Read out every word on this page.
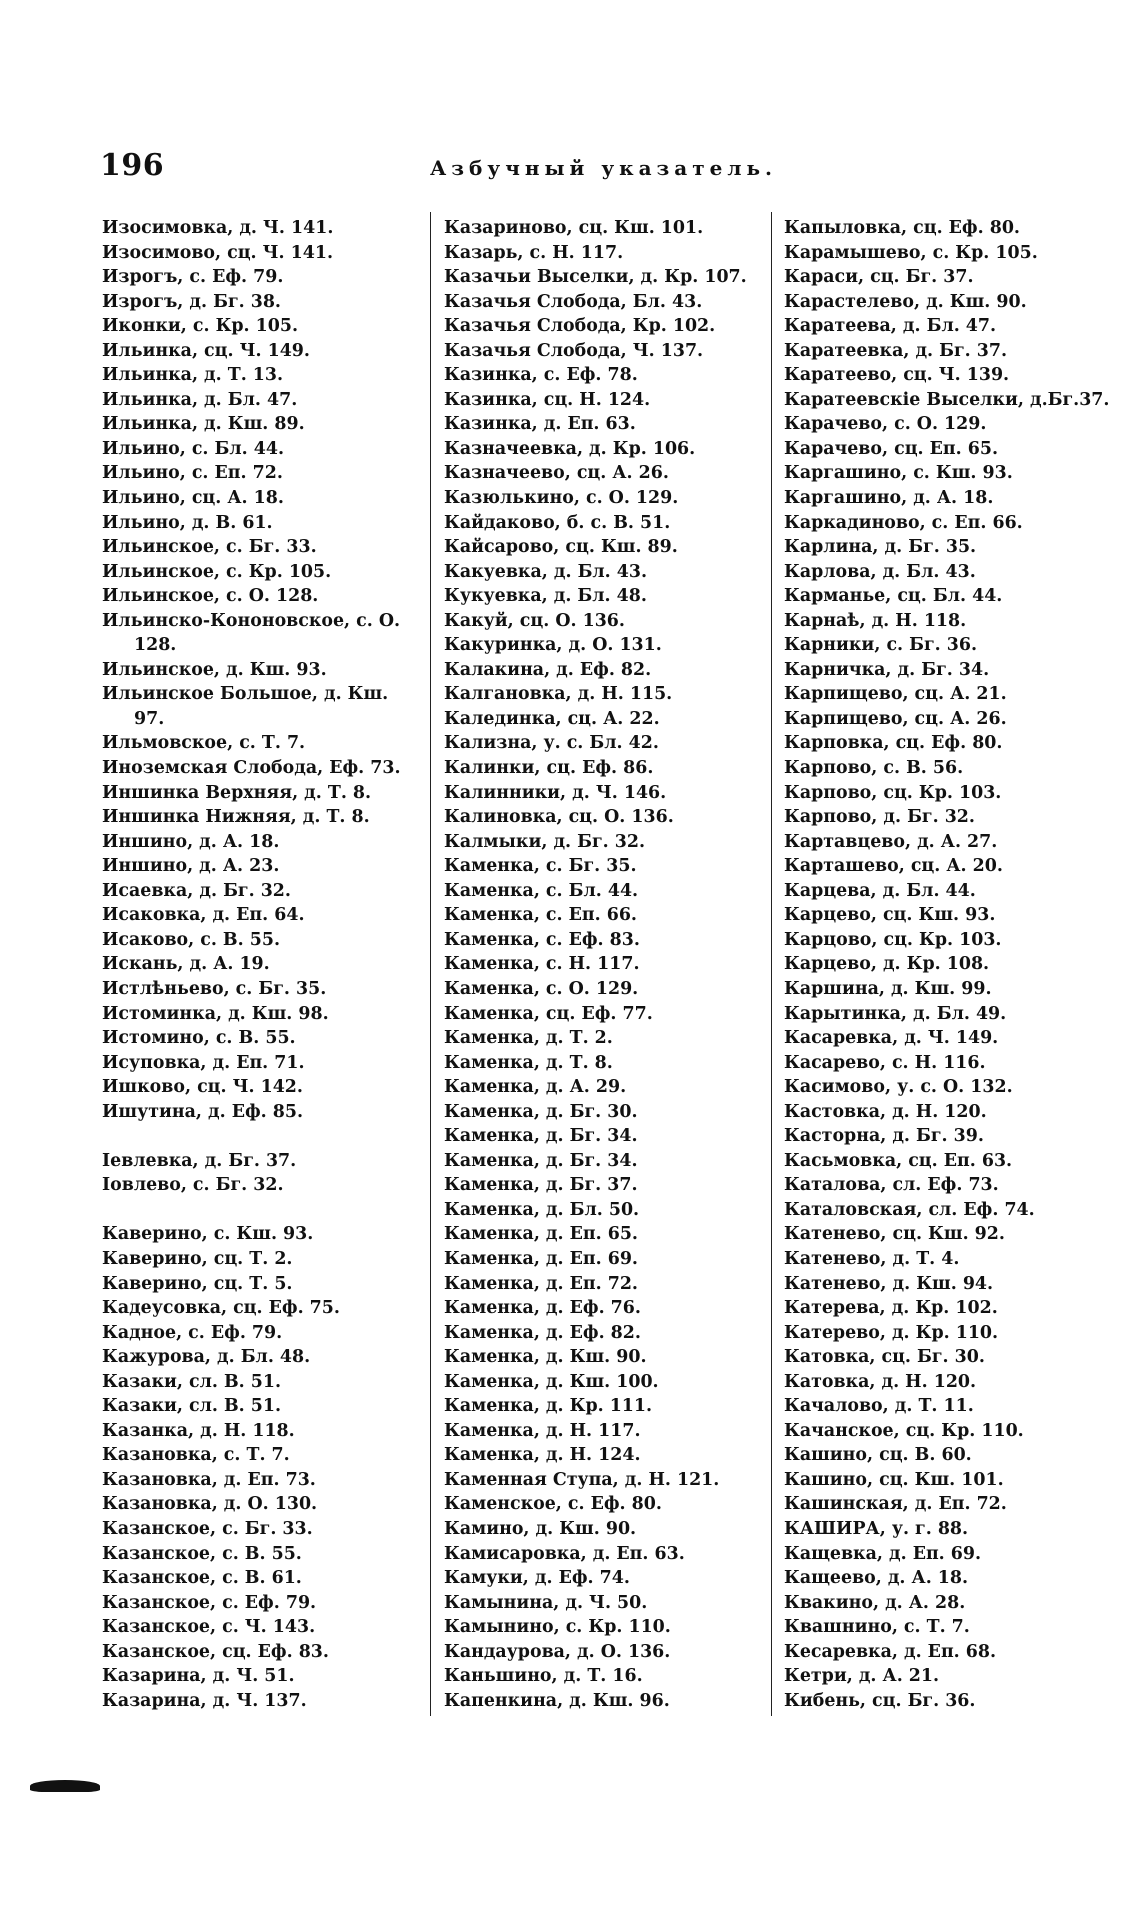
196	Азбучный указатель.
Изосимовка, д. Ч. 141.
Изосимово, сц. Ч. 141.
Изрогъ, с. Еф. 79.
Изрогъ, д. Бг. 38.
Иконки, с. Кр. 105.
Ильинка, сц. Ч. 149.
Ильинка, д. Т. 13.
Ильинка, д. Бл. 47.
Ильинка, д. Кш. 89.
Ильино, с. Бл. 44.
Ильино, с. Еп. 72.
Ильино, сц. А. 18.
Ильино, д. В. 61.
Ильинское, с. Бг. 33.
Ильинское, с. Кр. 105.
Ильинское, с. О. 128.
Ильинско-Кононовское, с. О. 128.
Ильинское, д. Кш. 93.
Ильинское Большое, д. Кш. 97.
Ильмовское, с. Т. 7.
Иноземская Слобода, Еф. 73.
Иншинка Верхняя, д. Т. 8.
Иншинка Нижняя, д. Т. 8.
Иншино, д. А. 18.
Иншино, д. А. 23.
Исаевка, д. Бг. 32.
Исаковка, д. Еп. 64.
Исаково, с. В. 55.
Искань, д. А. 19.
Истлѣньево, с. Бг. 35.
Истоминка, д. Кш. 98.
Истомино, с. В. 55.
Исуповка, д. Еп. 71.
Ишково, сц. Ч. 142.
Ишутина, д. Еф. 85.
Iевлевка, д. Бг. 37.
Iовлево, с. Бг. 32.
Каверино, с. Кш. 93.
Каверино, сц. Т. 2.
Каверино, сц. Т. 5.
Кадеусовка, сц. Еф. 75.
Кадное, с. Еф. 79.
Кажурова, д. Бл. 48.
Казаки, сл. В. 51.
Казаки, сл. В. 51.
Казанка, д. Н. 118.
Казановка, с. Т. 7.
Казановка, д. Еп. 73.
Казановка, д. О. 130.
Казанское, с. Бг. 33.
Казанское, с. В. 55.
Казанское, с. В. 61.
Казанское, с. Еф. 79.
Казанское, с. Ч. 143.
Казанское, сц. Еф. 83.
Казарина, д. Ч. 51.
Казарина, д. Ч. 137.
Казариново, сц. Кш. 101.
Казарь, с. Н. 117.
Казачьи Выселки, д. Кр. 107.
Казачья Слобода, Бл. 43.
Казачья Слобода, Кр. 102.
Казачья Слобода, Ч. 137.
Казинка, с. Еф. 78.
Казинка, сц. Н. 124.
Казинка, д. Еп. 63.
Казначеевка, д. Кр. 106.
Казначеево, сц. А. 26.
Казюлькино, с. О. 129.
Кайдаково, б. с. В. 51.
Кайсарово, сц. Кш. 89.
Какуевка, д. Бл. 43.
Кукуевка, д. Бл. 48.
Какуй, сц. О. 136.
Какуринка, д. О. 131.
Калакина, д. Еф. 82.
Калгановка, д. Н. 115.
Калединка, сц. А. 22.
Кализна, у. с. Бл. 42.
Калинки, сц. Еф. 86.
Калинники, д. Ч. 146.
Калиновка, сц. О. 136.
Калмыки, д. Бг. 32.
Каменка, с. Бг. 35.
Каменка, с. Бл. 44.
Каменка, с. Еп. 66.
Каменка, с. Еф. 83.
Каменка, с. Н. 117.
Каменка, с. О. 129.
Каменка, сц. Еф. 77.
Каменка, д. Т. 2.
Каменка, д. Т. 8.
Каменка, д. А. 29.
Каменка, д. Бг. 30.
Каменка, д. Бг. 34.
Каменка, д. Бг. 34.
Каменка, д. Бг. 37.
Каменка, д. Бл. 50.
Каменка, д. Еп. 65.
Каменка, д. Еп. 69.
Каменка, д. Еп. 72.
Каменка, д. Еф. 76.
Каменка, д. Еф. 82.
Каменка, д. Кш. 90.
Каменка, д. Кш. 100.
Каменка, д. Кр. 111.
Каменка, д. Н. 117.
Каменка, д. Н. 124.
Каменная Ступа, д. Н. 121.
Каменское, с. Еф. 80.
Камино, д. Кш. 90.
Камисаровка, д. Еп. 63.
Камуки, д. Еф. 74.
Камынина, д. Ч. 50.
Камынино, с. Кр. 110.
Кандаурова, д. О. 136.
Каньшино, д. Т. 16.
Капенкина, д. Кш. 96.
Капыловка, сц. Еф. 80.
Карамышево, с. Кр. 105.
Караси, сц. Бг. 37.
Карастелево, д. Кш. 90.
Каратеева, д. Бл. 47.
Каратеевка, д. Бг. 37.
Каратеево, сц. Ч. 139.
Каратеевскіе Выселки, д.Бг.37.
Карачево, с. О. 129.
Карачево, сц. Еп. 65.
Каргашино, с. Кш. 93.
Каргашино, д. А. 18.
Каркадиново, с. Еп. 66.
Карлина, д. Бг. 35.
Карлова, д. Бл. 43.
Карманье, сц. Бл. 44.
Карнаѣ, д. Н. 118.
Карники, с. Бг. 36.
Карничка, д. Бг. 34.
Карпищево, сц. А. 21.
Карпищево, сц. А. 26.
Карповка, сц. Еф. 80.
Карпово, с. В. 56.
Карпово, сц. Кр. 103.
Карпово, д. Бг. 32.
Картавцево, д. А. 27.
Карташево, сц. А. 20.
Карцева, д. Бл. 44.
Карцево, сц. Кш. 93.
Карцово, сц. Кр. 103.
Карцево, д. Кр. 108.
Каршина, д. Кш. 99.
Карытинка, д. Бл. 49.
Касаревка, д. Ч. 149.
Касарево, с. Н. 116.
Касимово, у. с. О. 132.
Кастовка, д. Н. 120.
Касторна, д. Бг. 39.
Касьмовка, сц. Еп. 63.
Каталова, сл. Еф. 73.
Каталовская, сл. Еф. 74.
Катенево, сц. Кш. 92.
Катенево, д. Т. 4.
Катенево, д. Кш. 94.
Катерева, д. Кр. 102.
Катерево, д. Кр. 110.
Катовка, сц. Бг. 30.
Катовка, д. Н. 120.
Качалово, д. Т. 11.
Качанское, сц. Кр. 110.
Кашино, сц. В. 60.
Кашино, сц. Кш. 101.
Кашинская, д. Еп. 72.
КАШИРА, у. г. 88.
Кащевка, д. Еп. 69.
Кащеево, д. А. 18.
Квакино, д. А. 28.
Квашнино, с. Т. 7.
Кесаревка, д. Еп. 68.
Кетри, д. А. 21.
Кибень, сц. Бг. 36.
